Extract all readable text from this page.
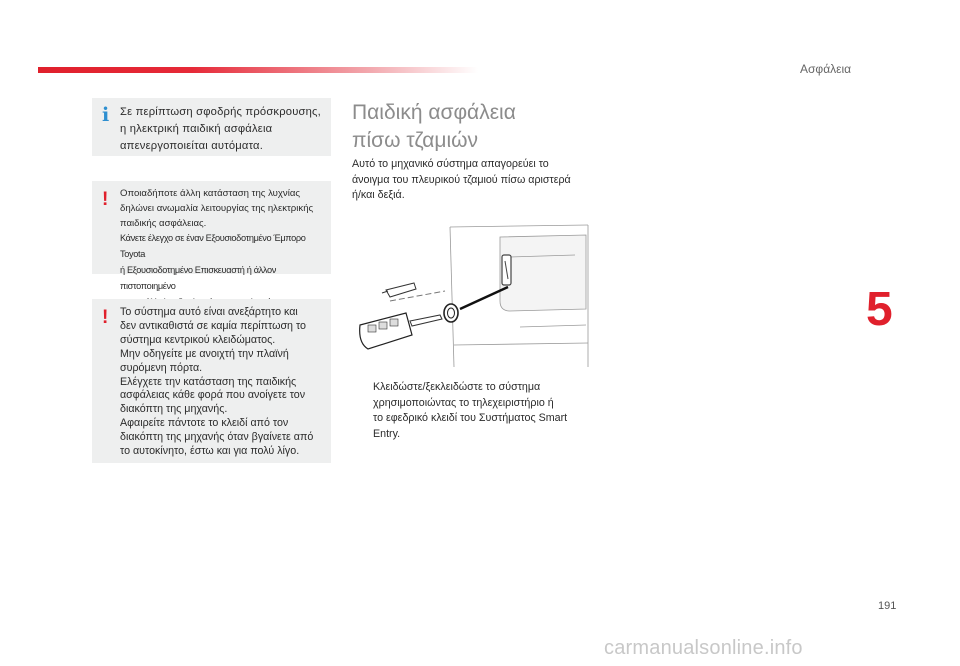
Ασφάλεια
5
i Σε περίπτωση σφοδρής πρόσκρουσης,
η ηλεκτρική παιδική ασφάλεια
απενεργοποιείται αυτόματα.

! Οποιαδήποτε άλλη κατάσταση της λυχνίας
δηλώνει ανωμαλία λειτουργίας της ηλεκτρικής
παιδικής ασφάλειας.
Κάνετε έλεγχο σε έναν Εξουσιοδοτημένο Έμπορο Toyota
ή Εξουσιοδοτημένο Επισκευαστή ή άλλον πιστοποιημένο

! Το σύστημα αυτό είναι ανεξάρτητο και
δεν αντικαθιστά σε καμία περίπτωση το
σύστημα κεντρικού κλειδώματος.
Μην οδηγείτε με ανοιχτή την πλαϊνή
συρόμενη πόρτα.
Ελέγχετε την κατάσταση της παιδικής
ασφάλειας κάθε φορά που ανοίγετε τον
διακόπτη της μηχανής.
Αφαιρείτε πάντοτε το κλειδί από τον
διακόπτη της μηχανής όταν βγαίνετε από
το αυτοκίνητο, έστω και για πολύ λίγο.

Παιδική ασφάλεια
πίσω τζαμιών

Αυτό το μηχανικό σύστημα απαγορεύει το
άνοιγμα του πλευρικού τζαμιού πίσω αριστερά
ή/και δεξιά.

Κλειδώστε/ξεκλειδώστε το σύστημα
χρησιμοποιώντας το τηλεχειριστήριο ή
το εφεδρικό κλειδί του Συστήματος Smart
Entry.
191
carmanualsonline.info
